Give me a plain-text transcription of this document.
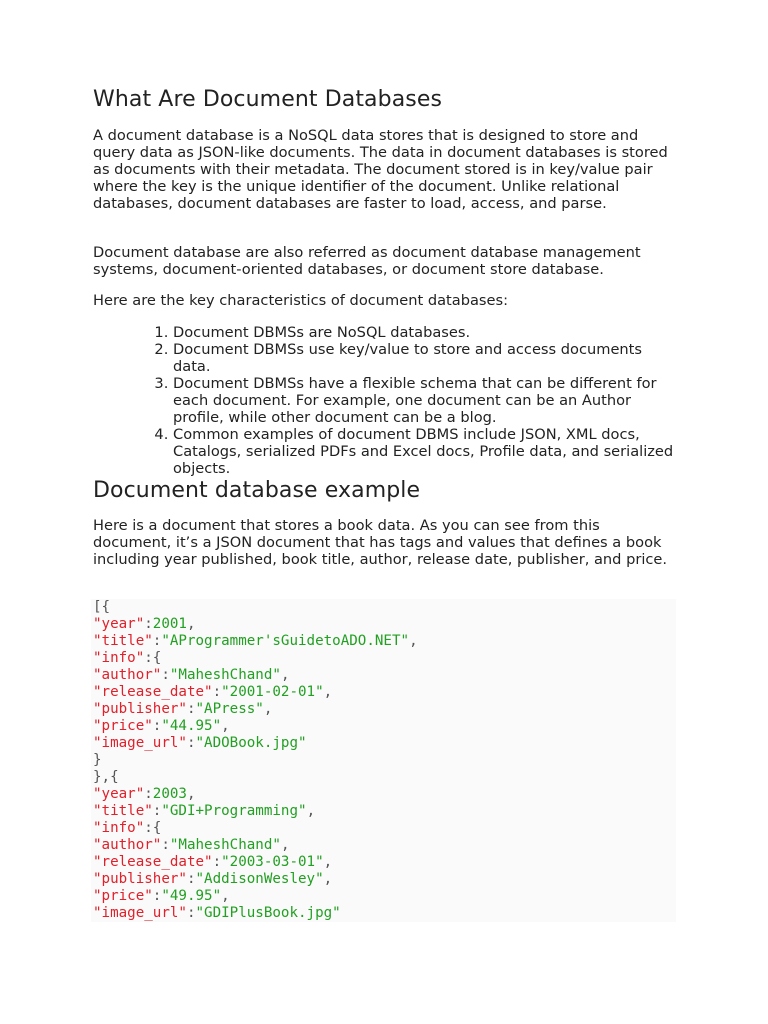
What Are Document Databases

A document database is a NoSQL data stores that is designed to store and query data as JSON-like documents. The data in document databases is stored as documents with their metadata. The document stored is in key/value pair where the key is the unique identifier of the document. Unlike relational databases, document databases are faster to load, access, and parse.

Document database are also referred as document database management systems, document-oriented databases, or document store database.

Here are the key characteristics of document databases:

1. Document DBMSs are NoSQL databases.
2. Document DBMSs use key/value to store and access documents data.
3. Document DBMSs have a flexible schema that can be different for each document. For example, one document can be an Author profile, while other document can be a blog.
4. Common examples of document DBMS include JSON, XML docs, Catalogs, serialized PDFs and Excel docs, Profile data, and serialized objects.
Document database example

Here is a document that stores a book data. As you can see from this document, it’s a JSON document that has tags and values that defines a book including year published, book title, author, release date, publisher, and price.

[{
"year":2001,
"title":"AProgrammer'sGuidetoADO.NET",
"info":{
"author":"MaheshChand",
"release_date":"2001-02-01",
"publisher":"APress",
"price":"44.95",
"image_url":"ADOBook.jpg"
}
},{
"year":2003,
"title":"GDI+Programming",
"info":{
"author":"MaheshChand",
"release_date":"2003-03-01",
"publisher":"AddisonWesley",
"price":"49.95",
"image_url":"GDIPlusBook.jpg"
